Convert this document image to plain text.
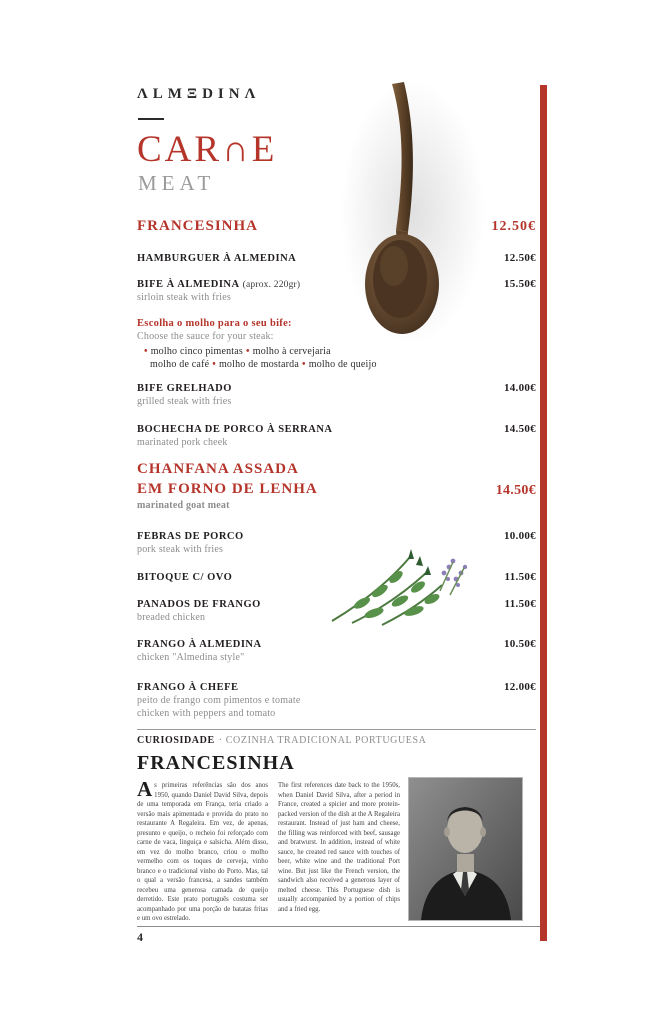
ΛLMΞDINΛ
CAR∩E
MEAT
FRANCESINHA	12.50€
HAMBURGUER À ALMEDINA	12.50€
BIFE À ALMEDINA (aprox. 220gr)	15.50€
sirloin steak with fries
Escolha o molho para o seu bife:
Choose the sauce for your steak:
• molho cinco pimentas • molho à cervejaria
molho de café • molho de mostarda • molho de queijo
BIFE GRELHADO	14.00€
grilled steak with fries
BOCHECHA DE PORCO À SERRANA	14.50€
marinated pork cheek
CHANFANA ASSADA
EM FORNO DE LENHA	14.50€
marinated goat meat
FEBRAS DE PORCO	10.00€
pork steak with fries
BITOQUE C/ OVO	11.50€
PANADOS DE FRANGO	11.50€
breaded chicken
FRANGO À ALMEDINA	10.50€
chicken "Almedina style"
FRANGO À CHEFE	12.00€
peito de frango com pimentos e tomate
chicken with peppers and tomato
CURIOSIDADE · COZINHA TRADICIONAL PORTUGUESA
FRANCESINHA
As primeiras referências são dos anos 1950, quando Daniel David Silva, depois de uma temporada em França, teria criado a versão mais apimentada e provida do prato no restaurante A Regaleira. Em vez, de apenas, presunto e queijo, o recheio foi reforçado com carne de vaca, linguiça e salsicha. Além disso, em vez do molho branco, criou o molho vermelho com os toques de cerveja, vinho branco e o tradicional vinho do Porto. Mas, tal o qual a versão francesa, a sandes também recebeu uma generosa camada de queijo derretido. Este prato português costuma ser acompanhado por uma porção de batatas fritas e um ovo estrelado.
The first references date back to the 1950s, when Daniel David Silva, after a period in France, created a spicier and more protein-packed version of the dish at the A Regaleira restaurant. Instead of just ham and cheese, the filling was reinforced with beef, sausage and bratwurst. In addition, instead of white sauce, he created red sauce with touches of beer, white wine and the traditional Port wine. But just like the French version, the sandwich also received a generous layer of melted cheese. This Portuguese dish is usually accompanied by a portion of chips and a fried egg.
4
